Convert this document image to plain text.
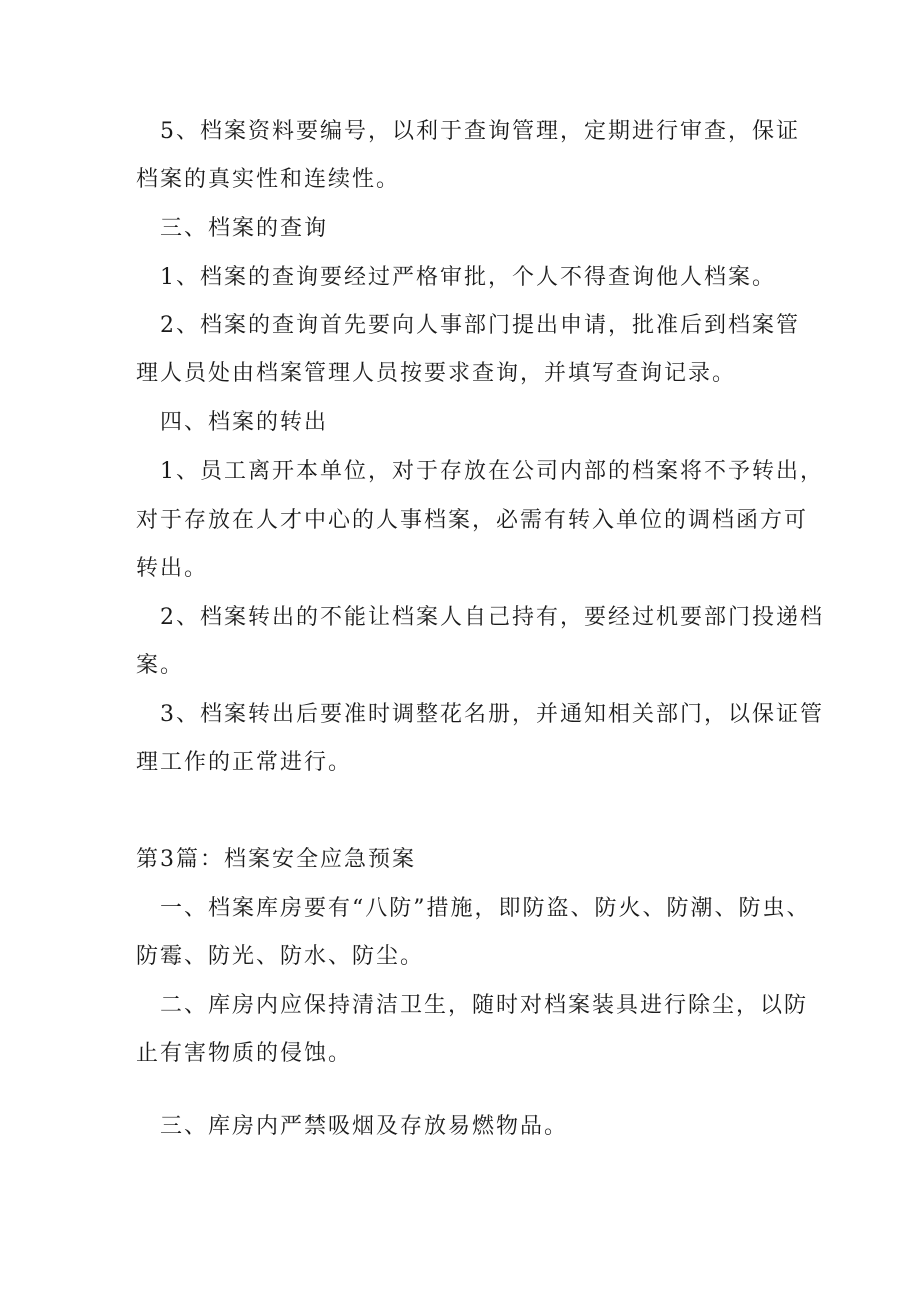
5、档案资料要编号，以利于查询管理，定期进行审查，保证
档案的真实性和连续性。
三、档案的查询
1、档案的查询要经过严格审批，个人不得查询他人档案。
2、档案的查询首先要向人事部门提出申请，批准后到档案管
理人员处由档案管理人员按要求查询，并填写查询记录。
四、档案的转出
1、员工离开本单位，对于存放在公司内部的档案将不予转出，
对于存放在人才中心的人事档案，必需有转入单位的调档函方可
转出。
2、档案转出的不能让档案人自己持有，要经过机要部门投递档
案。
3、档案转出后要准时调整花名册，并通知相关部门，以保证管
理工作的正常进行。
第3篇：档案安全应急预案
一、档案库房要有“八防”措施，即防盗、防火、防潮、防虫、
防霉、防光、防水、防尘。
二、库房内应保持清洁卫生，随时对档案装具进行除尘，以防
止有害物质的侵蚀。
三、库房内严禁吸烟及存放易燃物品。
